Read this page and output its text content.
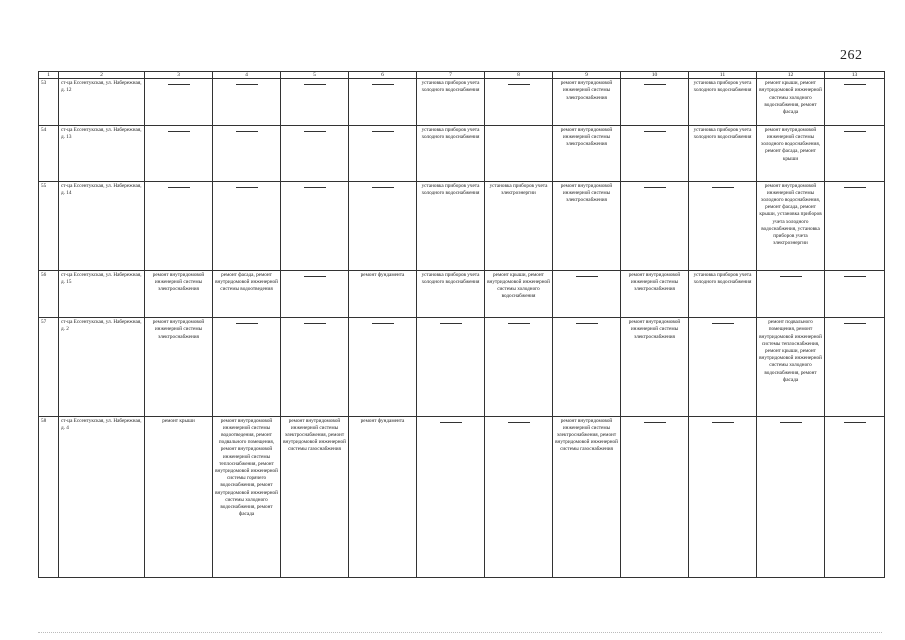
262
1	2	3	4	5	6	7	8	9	10	11	12	13
53	ст-ца Ессентукская, ул. Набережная, д. 12					установка приборов учета холодного водоснабжения		ремонт внутридомовой инженерной системы электроснабжения		установка приборов учета холодного водоснабжения	ремонт крыши, ремонт внутридомовой инженерной системы холодного водоснабжения, ремонт фасада	

54	ст-ца Ессентукская, ул. Набережная, д. 13					установка приборов учета холодного водоснабжения		ремонт внутридомовой инженерной системы электроснабжения		установка приборов учета холодного водоснабжения	ремонт внутридомовой инженерной системы холодного водоснабжения, ремонт фасада, ремонт крыши	

55	ст-ца Ессентукская, ул. Набережная, д. 14					установка приборов учета холодного водоснабжения	установка приборов учета электроэнергии	ремонт внутридомовой инженерной системы электроснабжения			ремонт внутридомовой инженерной системы холодного водоснабжения, ремонт фасада, ремонт крыши, установка приборов учета холодного водоснабжения, установка приборов учета электроэнергии	

56	ст-ца Ессентукская, ул. Набережная, д. 15	ремонт внутридомовой инженерной системы электроснабжения	ремонт фасада, ремонт внутридомовой инженерной системы водоотведения		ремонт фундамента	установка приборов учета холодного водоснабжения	ремонт крыши, ремонт внутридомовой инженерной системы холодного водоснабжения		ремонт внутридомовой инженерной системы электроснабжения	установка приборов учета холодного водоснабжения	

57	ст-ца Ессентукская, ул. Набережная, д. 2	ремонт внутридомовой инженерной системы электроснабжения							ремонт внутридомовой инженерной системы электроснабжения		ремонт подвального помещения, ремонт внутридомовой инженерной системы теплоснабжения, ремонт крыши, ремонт внутридомовой инженерной системы холодного водоснабжения, ремонт фасада	

58	ст-ца Ессентукская, ул. Набережная, д. 4	ремонт крыши	ремонт внутридомовой инженерной системы водоотведения, ремонт подвального помещения, ремонт внутридомовой инженерной системы теплоснабжения, ремонт внутридомовой инженерной системы горячего водоснабжения, ремонт внутридомовой инженерной системы холодного водоснабжения, ремонт фасада	ремонт внутридомовой инженерной системы электроснабжения, ремонт внутридомовой инженерной системы газоснабжения	ремонт фундамента			ремонт внутридомовой инженерной системы электроснабжения, ремонт внутридомовой инженерной системы газоснабжения	
